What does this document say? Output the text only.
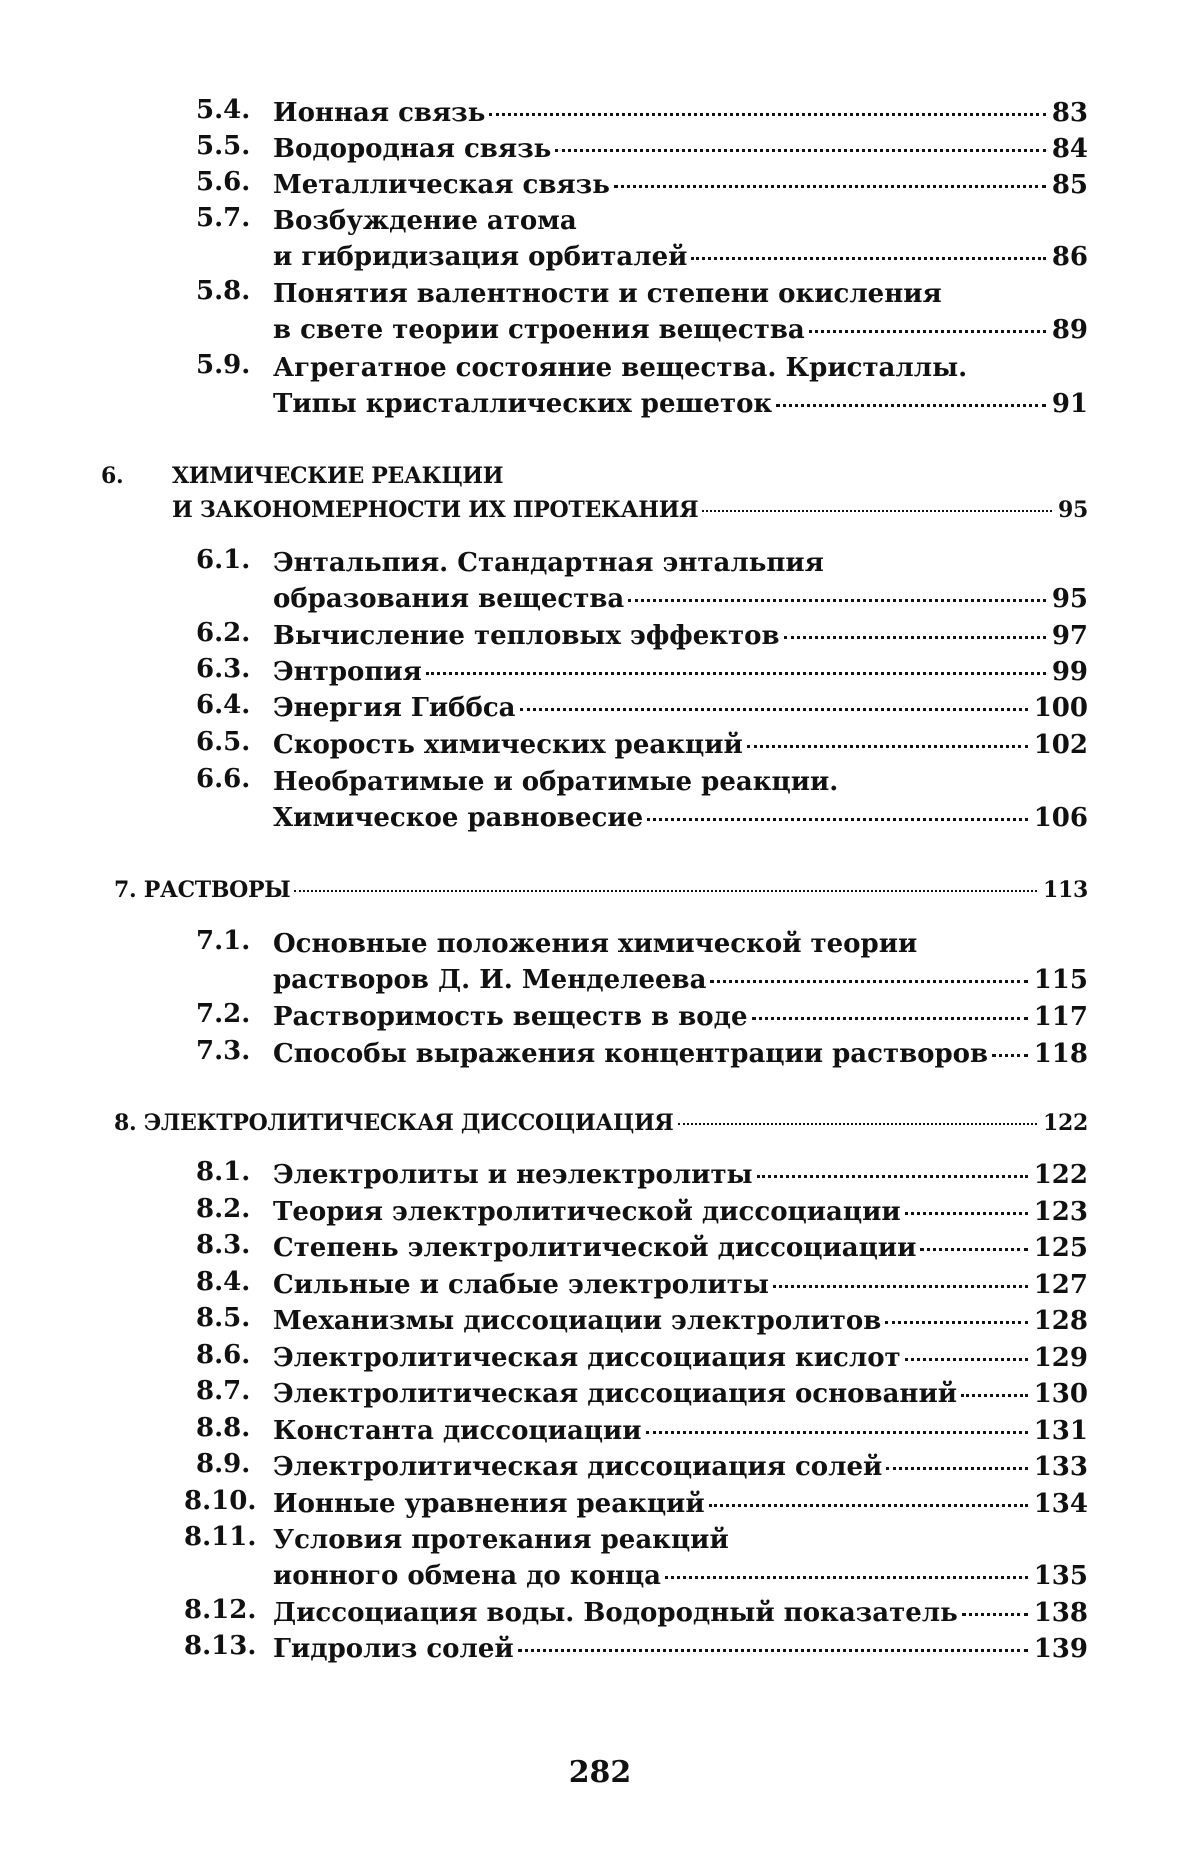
5.4. Ионная связь	83
5.5. Водородная связь	84
5.6. Металлическая связь	85
5.7. Возбуждение атома
и гибридизация орбиталей	86
5.8. Понятия валентности и степени окисления
в свете теории строения вещества	89
5.9. Агрегатное состояние вещества. Кристаллы.
Типы кристаллических решеток	91
6. ХИМИЧЕСКИЕ РЕАКЦИИ
И ЗАКОНОМЕРНОСТИ ИХ ПРОТЕКАНИЯ	95
6.1. Энтальпия. Стандартная энтальпия
образования вещества	95
6.2. Вычисление тепловых эффектов	97
6.3. Энтропия	99
6.4. Энергия Гиббса	100
6.5. Скорость химических реакций	102
6.6. Необратимые и обратимые реакции.
Химическое равновесие	106
7. РАСТВОРЫ	113
7.1. Основные положения химической теории
растворов Д. И. Менделеева	115
7.2. Растворимость веществ в воде	117
7.3. Способы выражения концентрации растворов 118
8. ЭЛЕКТРОЛИТИЧЕСКАЯ ДИССОЦИАЦИЯ	122
8.1. Электролиты и неэлектролиты	122
8.2. Теория электролитической диссоциации	123
8.3. Степень электролитической диссоциации	125
8.4. Сильные и слабые электролиты	127
8.5. Механизмы диссоциации электролитов	128
8.6. Электролитическая диссоциация кислот	129
8.7. Электролитическая диссоциация оснований	130
8.8. Константа диссоциации	131
8.9. Электролитическая диссоциация солей	133
8.10. Ионные уравнения реакций	134
8.11. Условия протекания реакций
ионного обмена до конца	135
8.12. Диссоциация воды. Водородный показатель	138
8.13. Гидролиз солей	139
282
